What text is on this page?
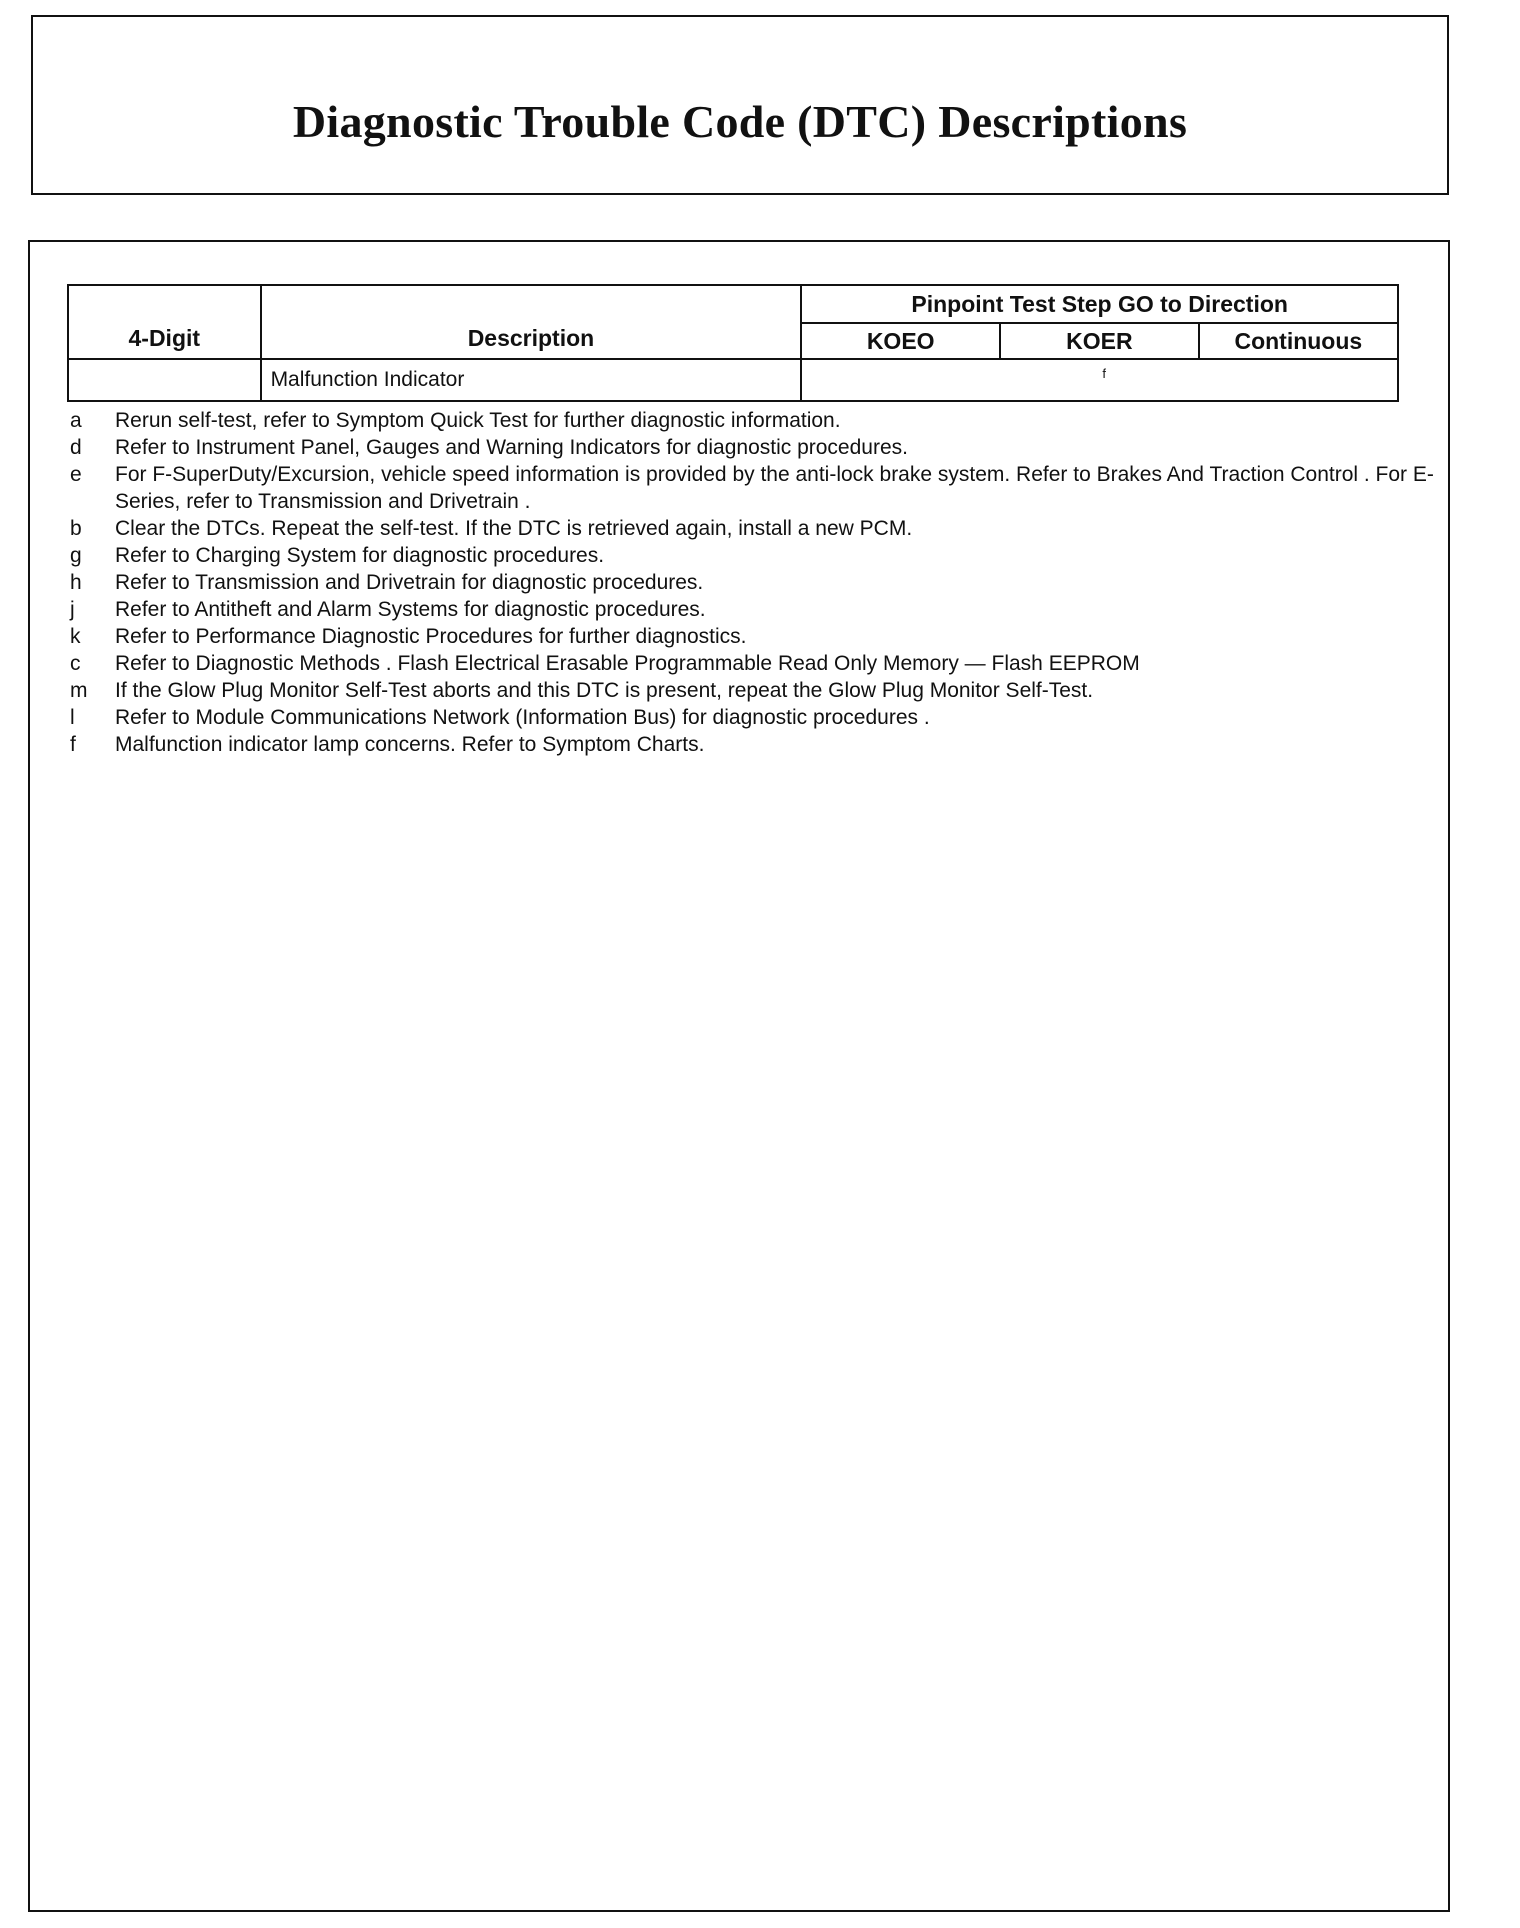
Diagnostic Trouble Code (DTC) Descriptions
4-Digit	Description	Pinpoint Test Step GO to Direction		
		KOEO	KOER	Continuous
	Malfunction Indicator	f		
a	Rerun self-test, refer to Symptom Quick Test for further diagnostic information.
d	Refer to Instrument Panel, Gauges and Warning Indicators for diagnostic procedures.
e	For F-SuperDuty/Excursion, vehicle speed information is provided by the anti-lock brake system. Refer to Brakes And Traction Control . For E-Series, refer to Transmission and Drivetrain .
b	Clear the DTCs. Repeat the self-test. If the DTC is retrieved again, install a new PCM.
g	Refer to Charging System for diagnostic procedures.
h	Refer to Transmission and Drivetrain for diagnostic procedures.
j	Refer to Antitheft and Alarm Systems for diagnostic procedures.
k	Refer to Performance Diagnostic Procedures for further diagnostics.
c	Refer to Diagnostic Methods . Flash Electrical Erasable Programmable Read Only Memory — Flash EEPROM
m	If the Glow Plug Monitor Self-Test aborts and this DTC is present, repeat the Glow Plug Monitor Self-Test.
l	Refer to Module Communications Network (Information Bus) for diagnostic procedures .
f	Malfunction indicator lamp concerns. Refer to Symptom Charts.
